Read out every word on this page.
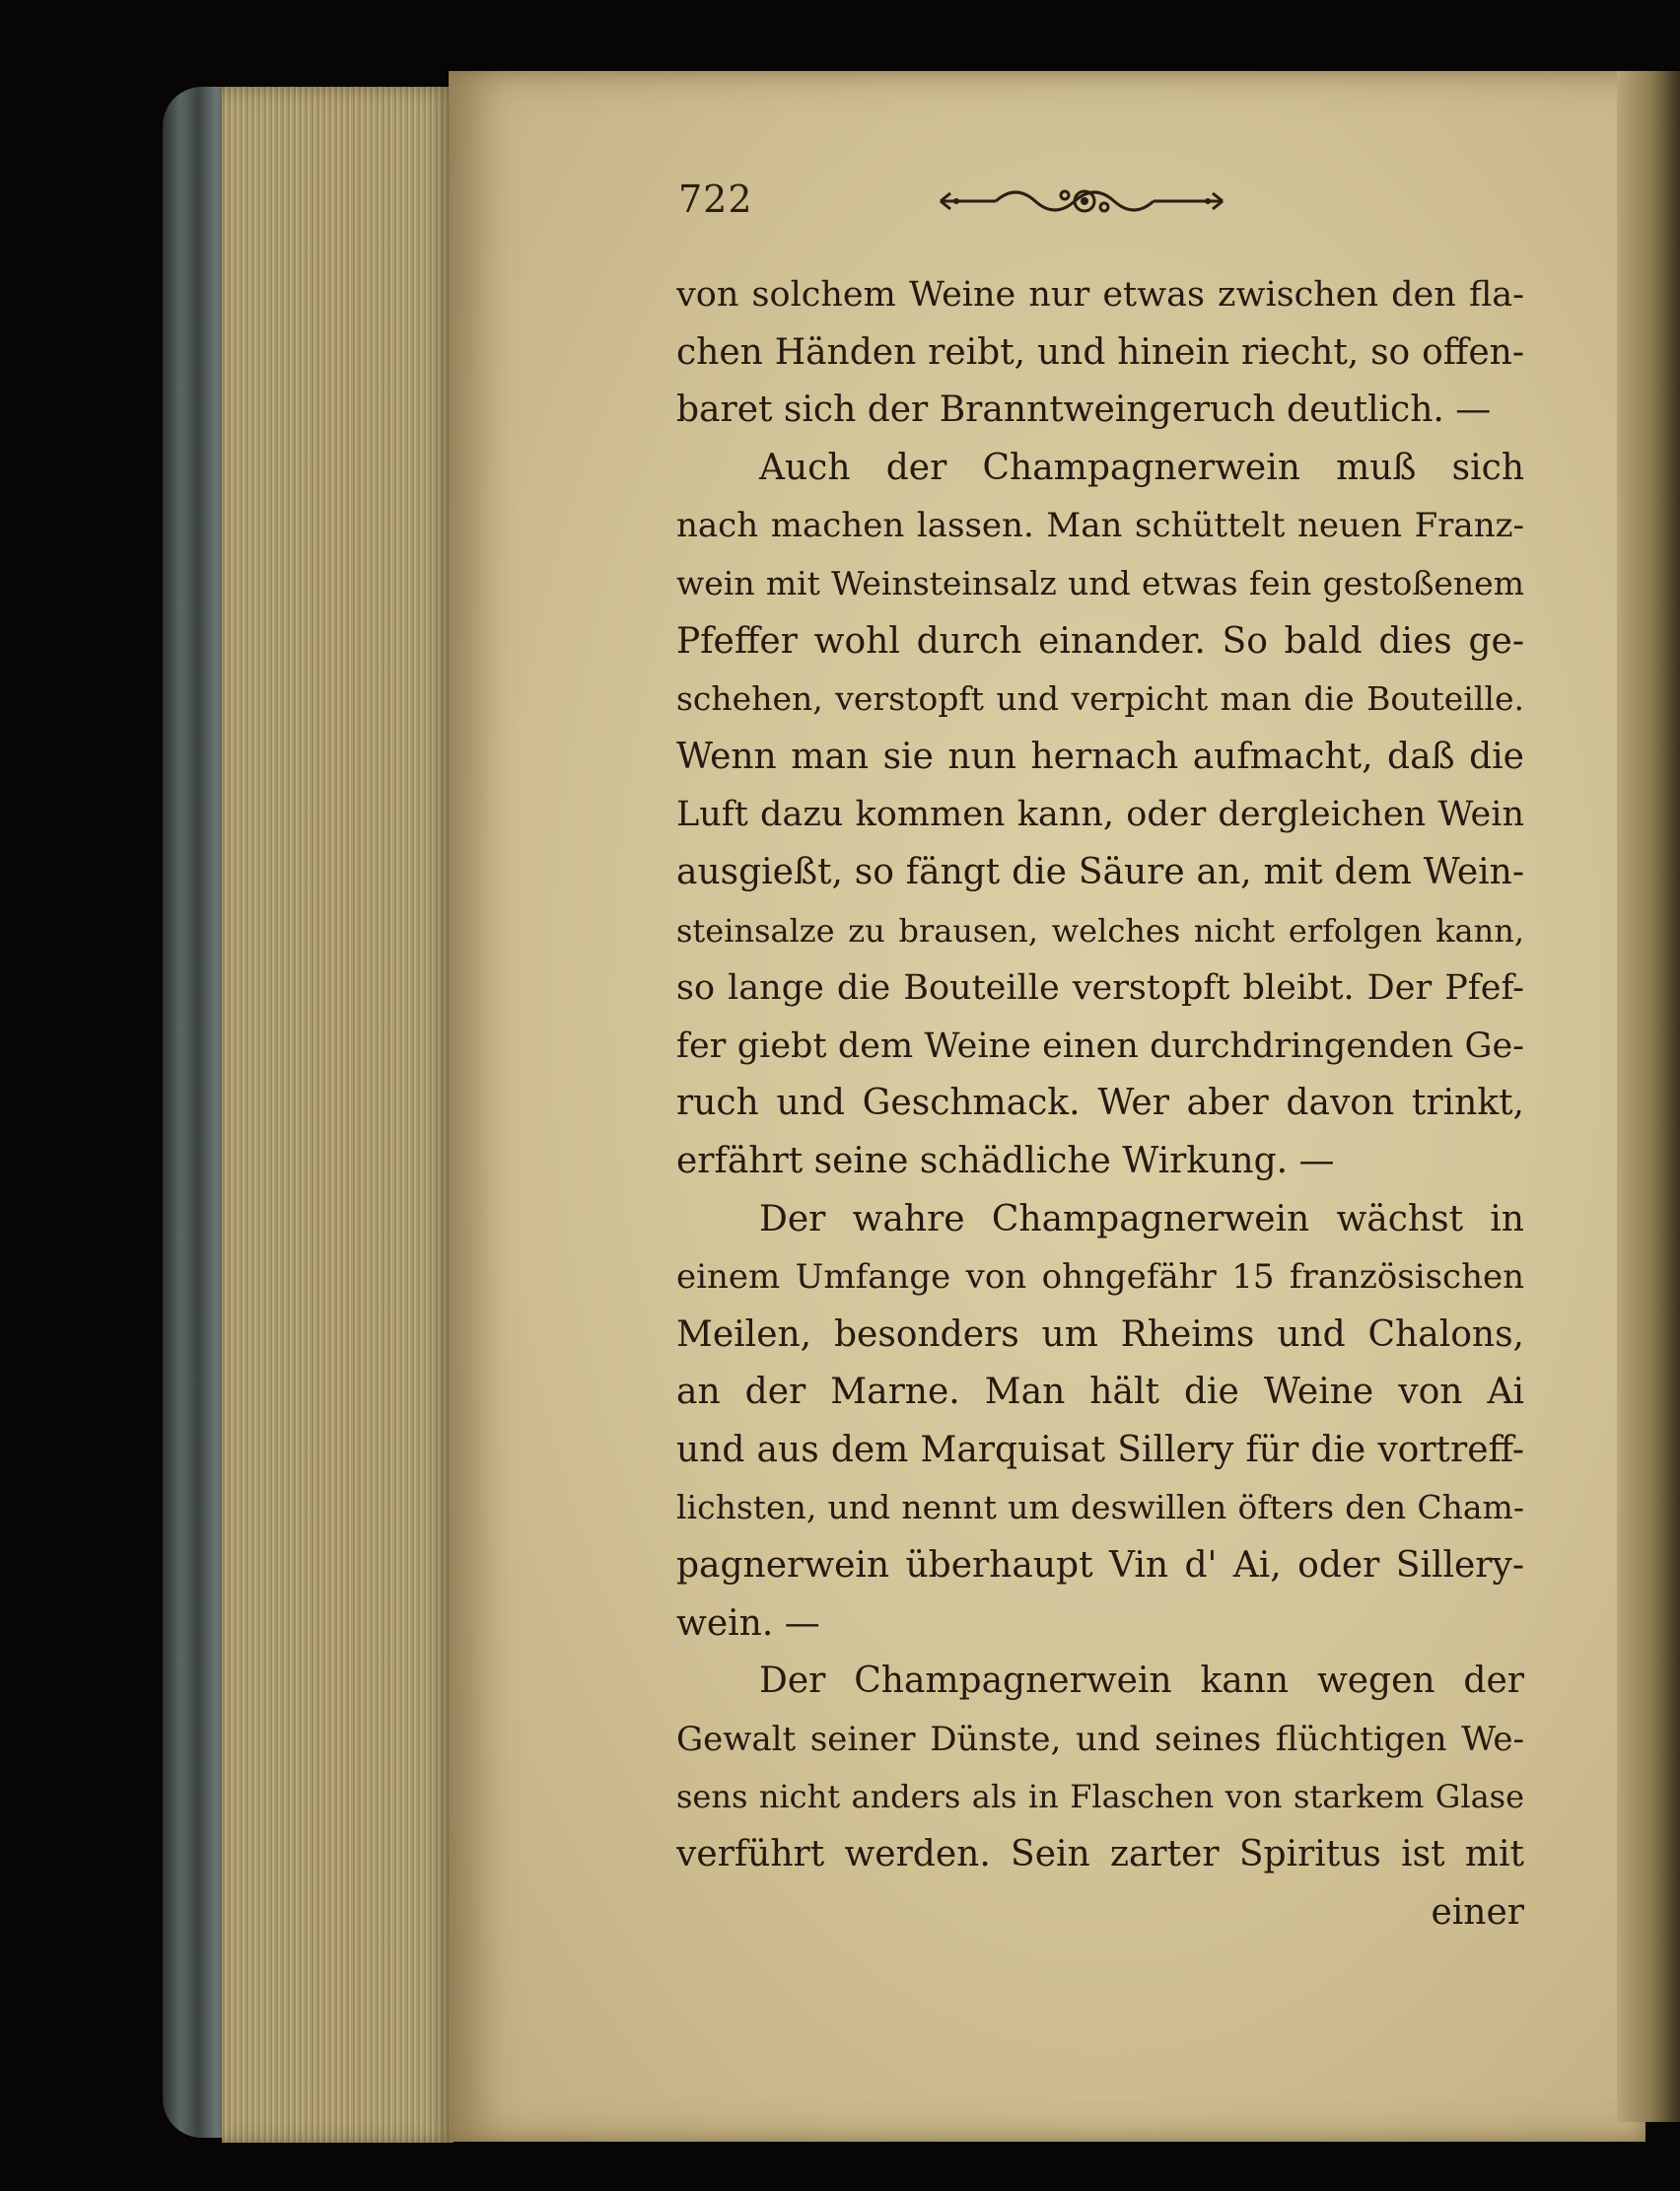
722
von solchem Weine nur etwas zwischen den fla-
chen Händen reibt, und hinein riecht, so offen-
baret sich der Branntweingeruch deutlich. —
Auch der Champagnerwein muß sich
nach machen lassen. Man schüttelt neuen Franz-
wein mit Weinsteinsalz und etwas fein gestoßenem
Pfeffer wohl durch einander. So bald dies ge-
schehen, verstopft und verpicht man die Bouteille.
Wenn man sie nun hernach aufmacht, daß die
Luft dazu kommen kann, oder dergleichen Wein
ausgießt, so fängt die Säure an, mit dem Wein-
steinsalze zu brausen, welches nicht erfolgen kann,
so lange die Bouteille verstopft bleibt. Der Pfef-
fer giebt dem Weine einen durchdringenden Ge-
ruch und Geschmack. Wer aber davon trinkt,
erfährt seine schädliche Wirkung. —
Der wahre Champagnerwein wächst in
einem Umfange von ohngefähr 15 französischen
Meilen, besonders um Rheims und Chalons,
an der Marne. Man hält die Weine von Ai
und aus dem Marquisat Sillery für die vortreff-
lichsten, und nennt um deswillen öfters den Cham-
pagnerwein überhaupt Vin d' Ai, oder Sillery-
wein. —
Der Champagnerwein kann wegen der
Gewalt seiner Dünste, und seines flüchtigen We-
sens nicht anders als in Flaschen von starkem Glase
verführt werden. Sein zarter Spiritus ist mit
einer
